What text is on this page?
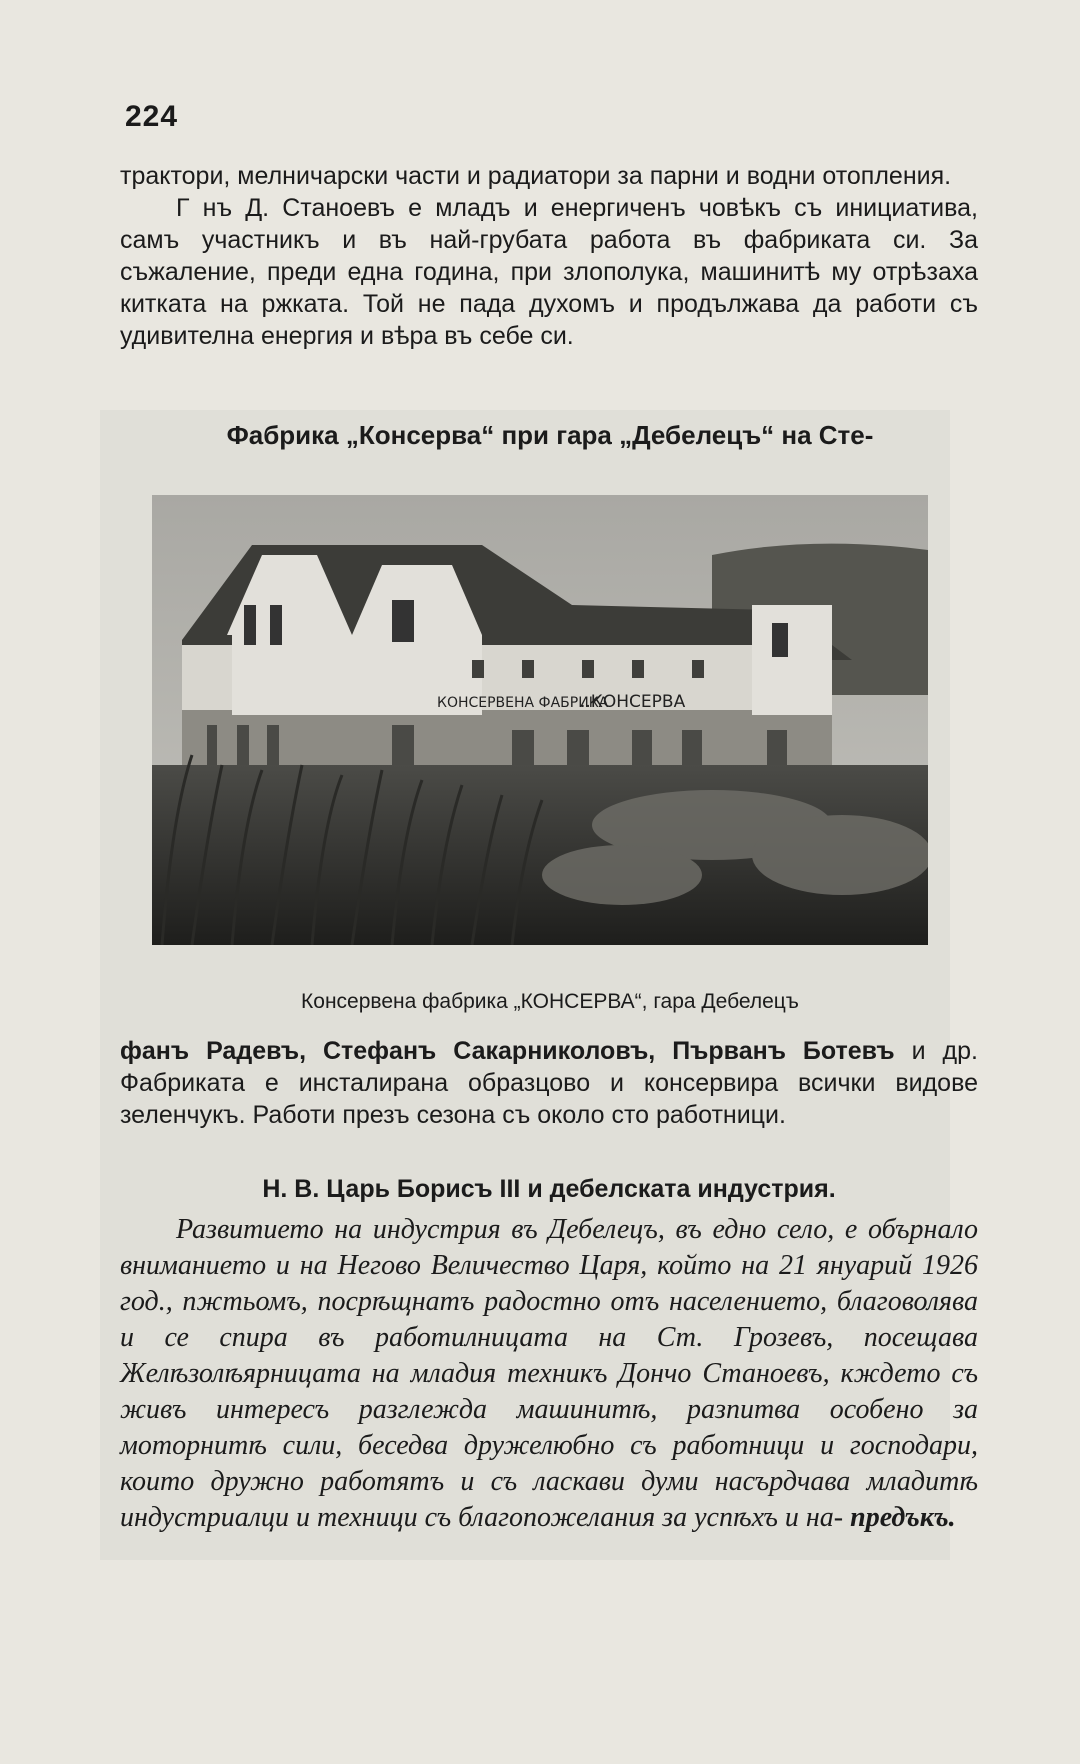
224

трактори, мелничарски части и радиатори за парни и водни отопления.

Г нъ Д. Станоевъ е младъ и енергиченъ човѣкъ съ инициатива, самъ участникъ и въ най-грубата работа въ фабриката си. За съжаление, преди една година, при злополука, машинитѣ му отрѣзаха китката на ржката. Той не пада духомъ и продължава да работи съ удивителна енергия и вѣра въ себе си.

Фабрика „Консерва“ при гара „Дебелецъ“ на Сте-
КОНСЕРВЕНА ФАБРИКА
..КОНСЕРВА
Консервена фабрика „КОНСЕРВА“, гара Дебелецъ

фанъ Радевъ, Стефанъ Сакарниколовъ, Първанъ Ботевъ и др. Фабриката е инсталирана образцово и консервира всички видове зеленчукъ. Работи презъ сезона съ около сто работници.

Н. В. Царь Борисъ III и дебелската индустрия.

Развитието на индустрия въ Дебелецъ, въ едно село, е обърнало вниманието и на Негово Величество Царя, който на 21 януарий 1926 год., пжтьомъ, посрѣщнатъ радостно отъ населението, благоволява и се спира въ работилницата на Ст. Грозевъ, посещава Желѣзолѣярницата на младия техникъ Дончо Станоевъ, кждето съ живъ интересъ разглежда машинитѣ, разпитва особено за моторнитѣ сили, беседва дружелюбно съ работници и господари, които дружно работятъ и съ ласкави думи насърдчава младитѣ индустриалци и техници съ благопожелания за успѣхъ и на- предъкъ.
